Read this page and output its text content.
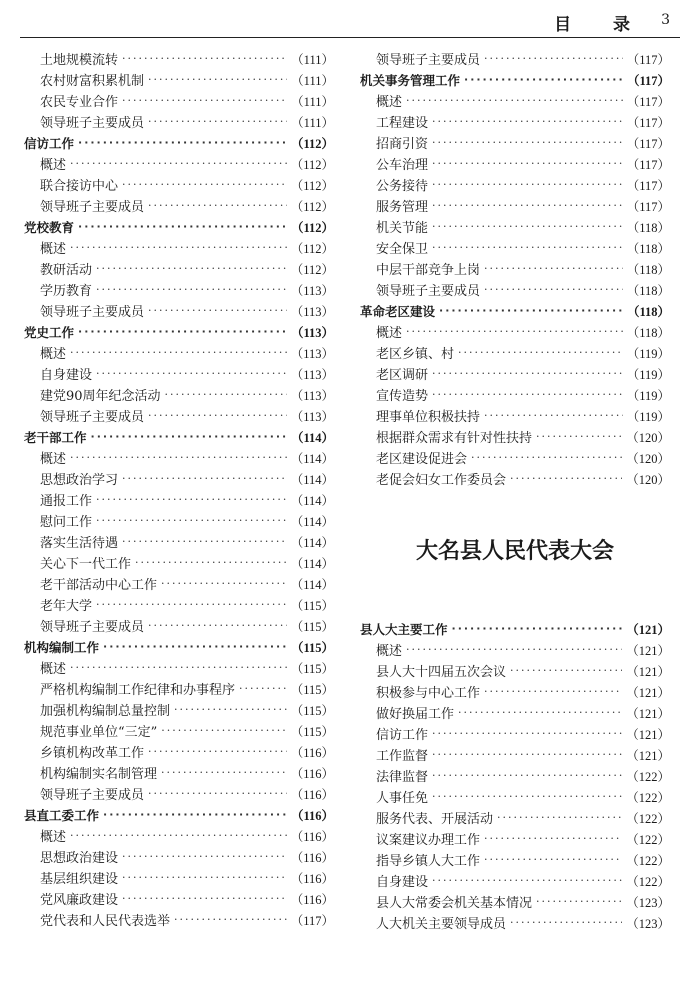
目 录 3
土地规模流转 ·····	（111）
农村财富积累机制 ·····	（111）
农民专业合作 ·····	（111）
领导班子主要成员 ·····	（111）
信访工作 ·····	（112）
概述 ·····	（112）
联合接访中心 ·····	（112）
领导班子主要成员 ·····	（112）
党校教育 ·····	（112）
概述 ·····	（112）
教研活动 ·····	（112）
学历教育 ·····	（113）
领导班子主要成员 ·····	（113）
党史工作 ·····	（113）
概述 ·····	（113）
自身建设 ·····	（113）
建党90周年纪念活动 ·····	（113）
领导班子主要成员 ·····	（113）
老干部工作 ·····	（114）
概述 ·····	（114）
思想政治学习 ·····	（114）
通报工作 ·····	（114）
慰问工作 ·····	（114）
落实生活待遇 ·····	（114）
关心下一代工作 ·····	（114）
老干部活动中心工作 ·····	（114）
老年大学 ·····	（115）
领导班子主要成员 ·····	（115）
机构编制工作 ·····	（115）
概述 ·····	（115）
严格机构编制工作纪律和办事程序 ·····	（115）
加强机构编制总量控制 ·····	（115）
规范事业单位“三定” ·····	（115）
乡镇机构改革工作 ·····	（116）
机构编制实名制管理 ·····	（116）
领导班子主要成员 ·····	（116）
县直工委工作 ·····	（116）
概述 ·····	（116）
思想政治建设 ·····	（116）
基层组织建设 ·····	（116）
党风廉政建设 ·····	（116）
党代表和人民代表选举 ·····	（117）
领导班子主要成员 ·····	（117）
机关事务管理工作 ·····	（117）
概述 ·····	（117）
工程建设 ·····	（117）
招商引资 ·····	（117）
公车治理 ·····	（117）
公务接待 ·····	（117）
服务管理 ·····	（117）
机关节能 ·····	（118）
安全保卫 ·····	（118）
中层干部竞争上岗 ·····	（118）
领导班子主要成员 ·····	（118）
革命老区建设 ·····	（118）
概述 ·····	（118）
老区乡镇、村 ·····	（119）
老区调研 ·····	（119）
宣传造势 ·····	（119）
理事单位积极扶持 ·····	（119）
根据群众需求有针对性扶持 ·····	（120）
老区建设促进会 ·····	（120）
老促会妇女工作委员会 ·····	（120）
大名县人民代表大会
县人大主要工作 ·····	（121）
概述 ·····	（121）
县人大十四届五次会议 ·····	（121）
积极参与中心工作 ·····	（121）
做好换届工作 ·····	（121）
信访工作 ·····	（121）
工作监督 ·····	（121）
法律监督 ·····	（122）
人事任免 ·····	（122）
服务代表、开展活动 ·····	（122）
议案建议办理工作 ·····	（122）
指导乡镇人大工作 ·····	（122）
自身建设 ·····	（122）
县人大常委会机关基本情况 ·····	（123）
人大机关主要领导成员 ·····	（123）
